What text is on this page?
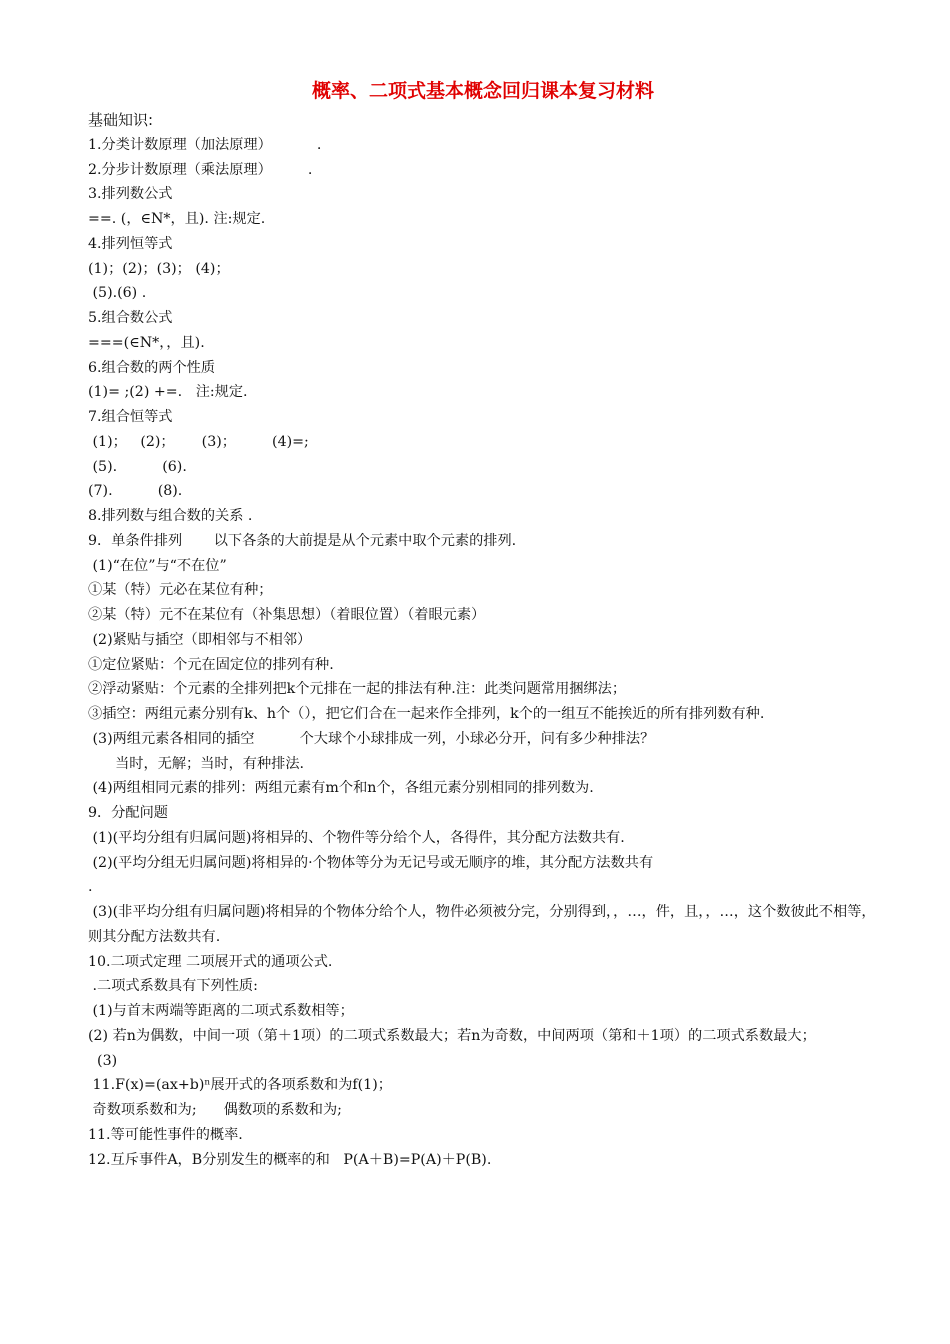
概率、二项式基本概念回归课本复习材料
基础知识:
1.分类计数原理（加法原理）          .
2.分步计数原理（乘法原理）        .
3.排列数公式
==. (，∈N*，且). 注:规定.
4.排列恒等式
(1)；(2)；(3)； (4)；
(5).(6) .
5.组合数公式
===(∈N*，，且).
6.组合数的两个性质
(1)= ;(2) +=.   注:规定.
7.组合恒等式
(1)；   (2)；      (3)；        (4)=;
(5).          (6).
(7).          (8).
8.排列数与组合数的关系 .
9．单条件排列       以下各条的大前提是从个元素中取个元素的排列.
(1)“在位”与“不在位”
①某（特）元必在某位有种；
②某（特）元不在某位有（补集思想）（着眼位置）（着眼元素）
(2)紧贴与插空（即相邻与不相邻）
①定位紧贴：个元在固定位的排列有种.
②浮动紧贴：个元素的全排列把k个元排在一起的排法有种.注：此类问题常用捆绑法；
③插空：两组元素分别有k、h个（），把它们合在一起来作全排列，k个的一组互不能挨近的所有排列数有种.
(3)两组元素各相同的插空          个大球个小球排成一列，小球必分开，问有多少种排法？
当时，无解；当时，有种排法.
(4)两组相同元素的排列：两组元素有m个和n个，各组元素分别相同的排列数为.
9．分配问题
(1)(平均分组有归属问题)将相异的、个物件等分给个人，各得件，其分配方法数共有.
(2)(平均分组无归属问题)将相异的·个物体等分为无记号或无顺序的堆，其分配方法数共有
.
(3)(非平均分组有归属问题)将相异的个物体分给个人，物件必须被分完，分别得到，，…，件，且，，…，这个数彼此不相等，则其分配方法数共有.
10.二项式定理 二项展开式的通项公式.
.二项式系数具有下列性质:
(1)与首末两端等距离的二项式系数相等；
(2) 若n为偶数，中间一项（第＋1项）的二项式系数最大；若n为奇数，中间两项（第和＋1项）的二项式系数最大；
(3)
11.F(x)=(ax+b)ⁿ展开式的各项系数和为f(1)；
奇数项系数和为;      偶数项的系数和为;
11.等可能性事件的概率.
12.互斥事件A，B分别发生的概率的和   P(A＋B)=P(A)＋P(B).
